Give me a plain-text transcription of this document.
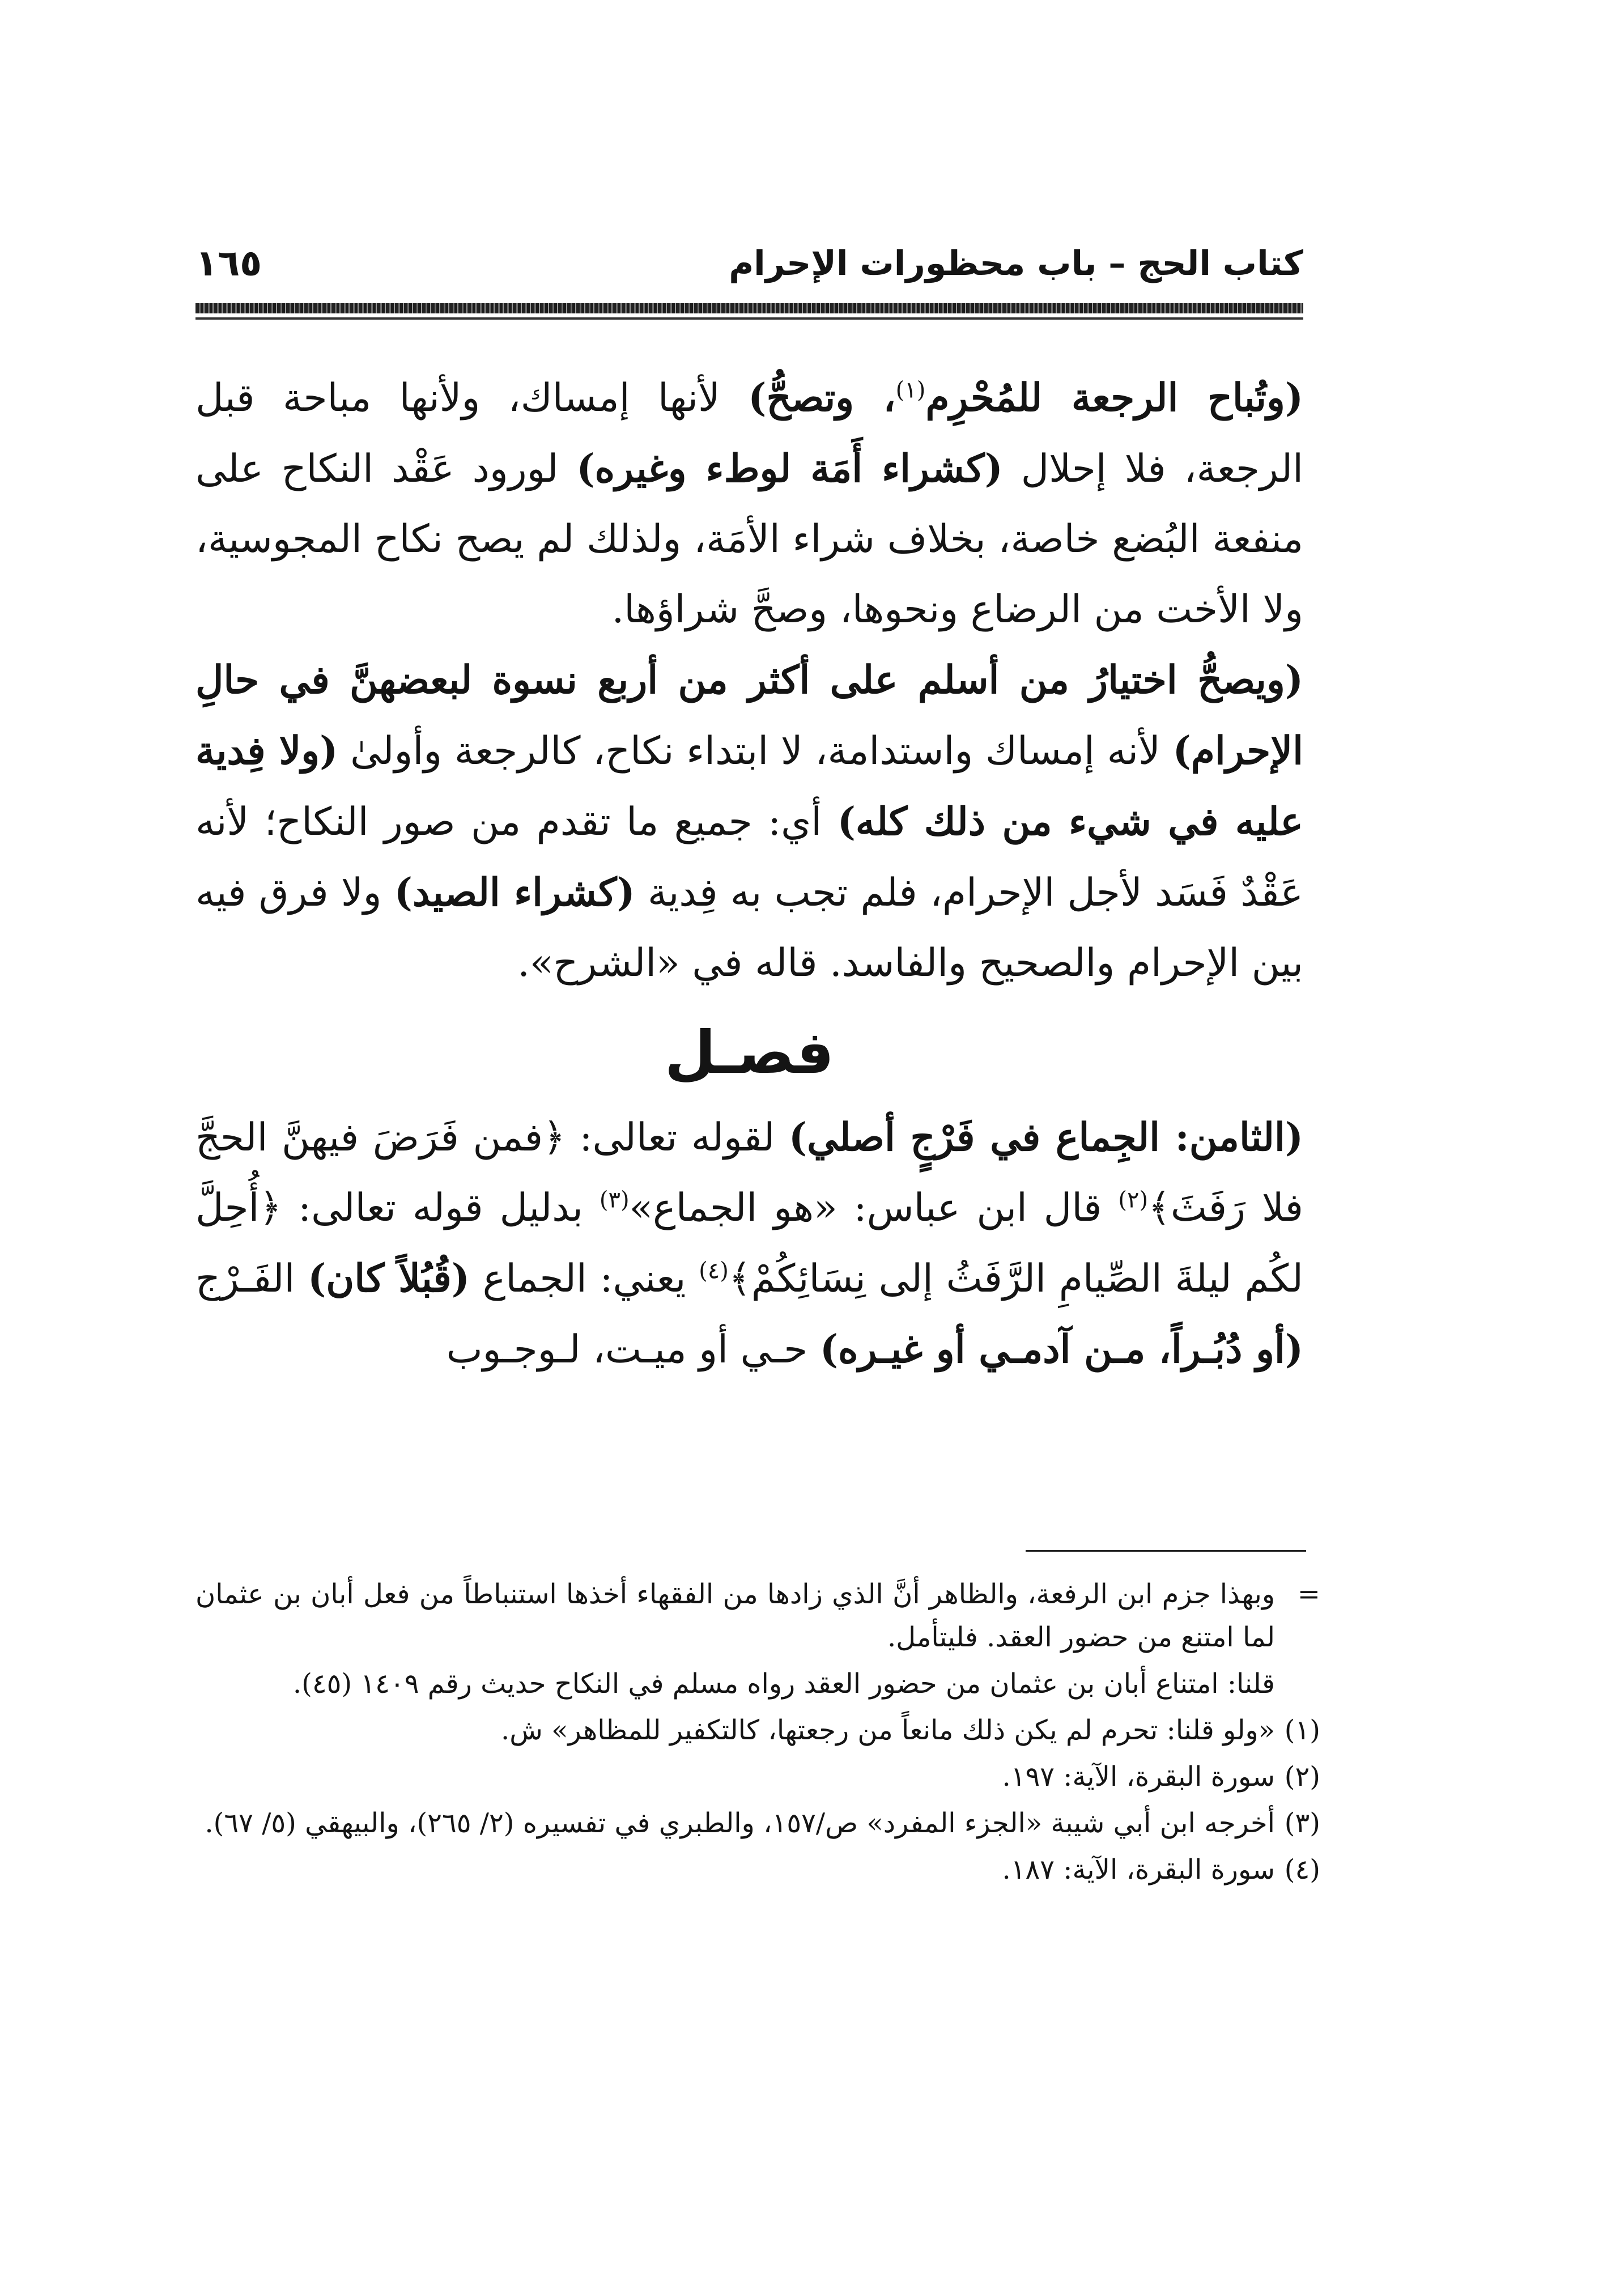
كتاب الحج – باب محظورات الإحرام
١٦٥

(وتُباح الرجعة للمُحْرِم$^{(١)}$، وتصحُّ) لأنها إمساك، ولأنها مباحة قبل الرجعة، فلا إحلال (كشراء أَمَة لوطء وغيره) لورود عَقْد النكاح على منفعة البُضع خاصة، بخلاف شراء الأمَة، ولذلك لم يصح نكاح المجوسية، ولا الأخت من الرضاع ونحوها، وصحَّ شراؤها.

(ويصحُّ اختيارُ من أسلم على أكثر من أربع نسوة لبعضهنَّ في حالِ الإحرام) لأنه إمساك واستدامة، لا ابتداء نكاح، كالرجعة وأولىٰ (ولا فِدية عليه في شيء من ذلك كله) أي: جميع ما تقدم من صور النكاح؛ لأنه عَقْدٌ فَسَد لأجل الإحرام، فلم تجب به فِدية (كشراء الصيد) ولا فرق فيه بين الإحرام والصحيح والفاسد. قاله في «الشرح».

فصـل

(الثامن: الجِماع في فَرْجٍ أصلي) لقوله تعالى: ﴿فمن فَرَضَ فيهنَّ الحجَّ فلا رَفَثَ﴾$^{(٢)}$ قال ابن عباس: «هو الجماع»$^{(٣)}$ بدليل قوله تعالى: ﴿أُحِلَّ لكُم ليلةَ الصِّيامِ الرَّفَثُ إلى نِسَائِكُمْ﴾$^{(٤)}$ يعني: الجماع (قُبُلاً كان) الفَـرْج (أو دُبُـراً، مـن آدمـي أو غيـره) حـي أو ميـت، لـوجـوب

=
وبهذا جزم ابن الرفعة، والظاهر أنَّ الذي زادها من الفقهاء أخذها استنباطاً من فعل أبان بن عثمان لما امتنع من حضور العقد. فليتأمل.
قلنا: امتناع أبان بن عثمان من حضور العقد رواه مسلم في النكاح حديث رقم ١٤٠٩ (٤٥).
(١)
«ولو قلنا: تحرم لم يكن ذلك مانعاً من رجعتها، كالتكفير للمظاهر» ش.
(٢)
سورة البقرة، الآية: ١٩٧.
(٣)
أخرجه ابن أبي شيبة «الجزء المفرد» ص/١٥٧، والطبري في تفسيره (٢/ ٢٦٥)، والبيهقي (٥/ ٦٧).
(٤)
سورة البقرة، الآية: ١٨٧.
